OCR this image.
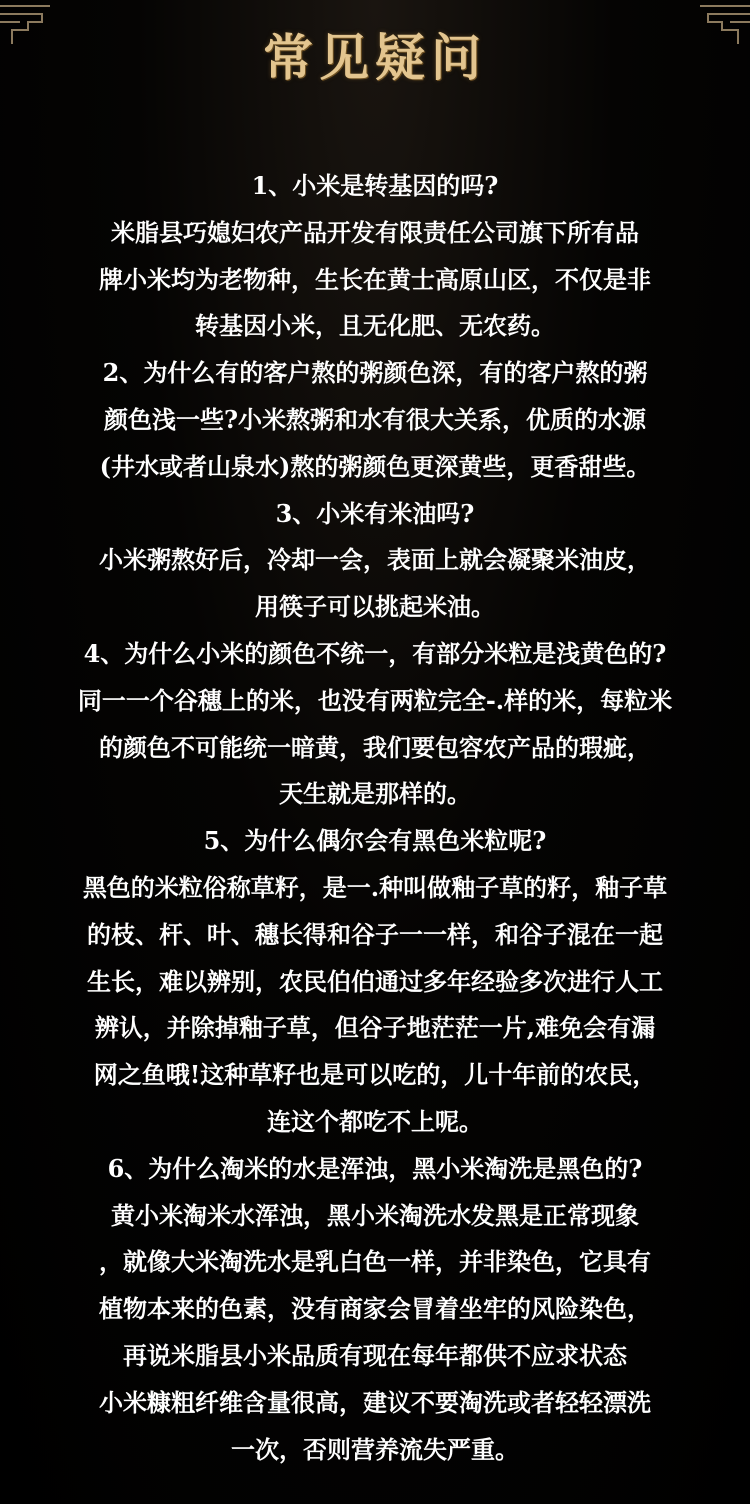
常见疑问
1、小米是转基因的吗?
米脂县巧媳妇农产品开发有限责任公司旗下所有品
牌小米均为老物种，生长在黄士高原山区，不仅是非
转基因小米，且无化肥、无农药。
2、为什么有的客户熬的粥颜色深，有的客户熬的粥
颜色浅一些?小米熬粥和水有很大关系，优质的水源
(井水或者山泉水)熬的粥颜色更深黄些，更香甜些。
3、小米有米油吗?
小米粥熬好后，冷却一会，表面上就会凝聚米油皮，
用筷子可以挑起米油。
4、为什么小米的颜色不统一，有部分米粒是浅黄色的?
同一一个谷穗上的米，也没有两粒完全-.样的米，每粒米
的颜色不可能统一暗黄，我们要包容农产品的瑕疵，
天生就是那样的。
5、为什么偶尔会有黑色米粒呢?
黑色的米粒俗称草籽，是一.种叫做釉子草的籽，釉子草
的枝、杆、叶、穗长得和谷子一一样，和谷子混在一起
生长，难以辨别，农民伯伯通过多年经验多次进行人工
辨认，并除掉釉子草，但谷子地茫茫一片,难免会有漏
网之鱼哦!这种草籽也是可以吃的，儿十年前的农民，
连这个都吃不上呢。
6、为什么淘米的水是浑浊，黑小米淘洗是黑色的?
黄小米淘米水浑浊，黑小米淘洗水发黑是正常现象
，就像大米淘洗水是乳白色一样，并非染色，它具有
植物本来的色素，没有商家会冒着坐牢的风险染色，
再说米脂县小米品质有现在每年都供不应求状态
小米糠粗纤维含量很高，建议不要淘洗或者轻轻漂洗
一次，否则营养流失严重。
